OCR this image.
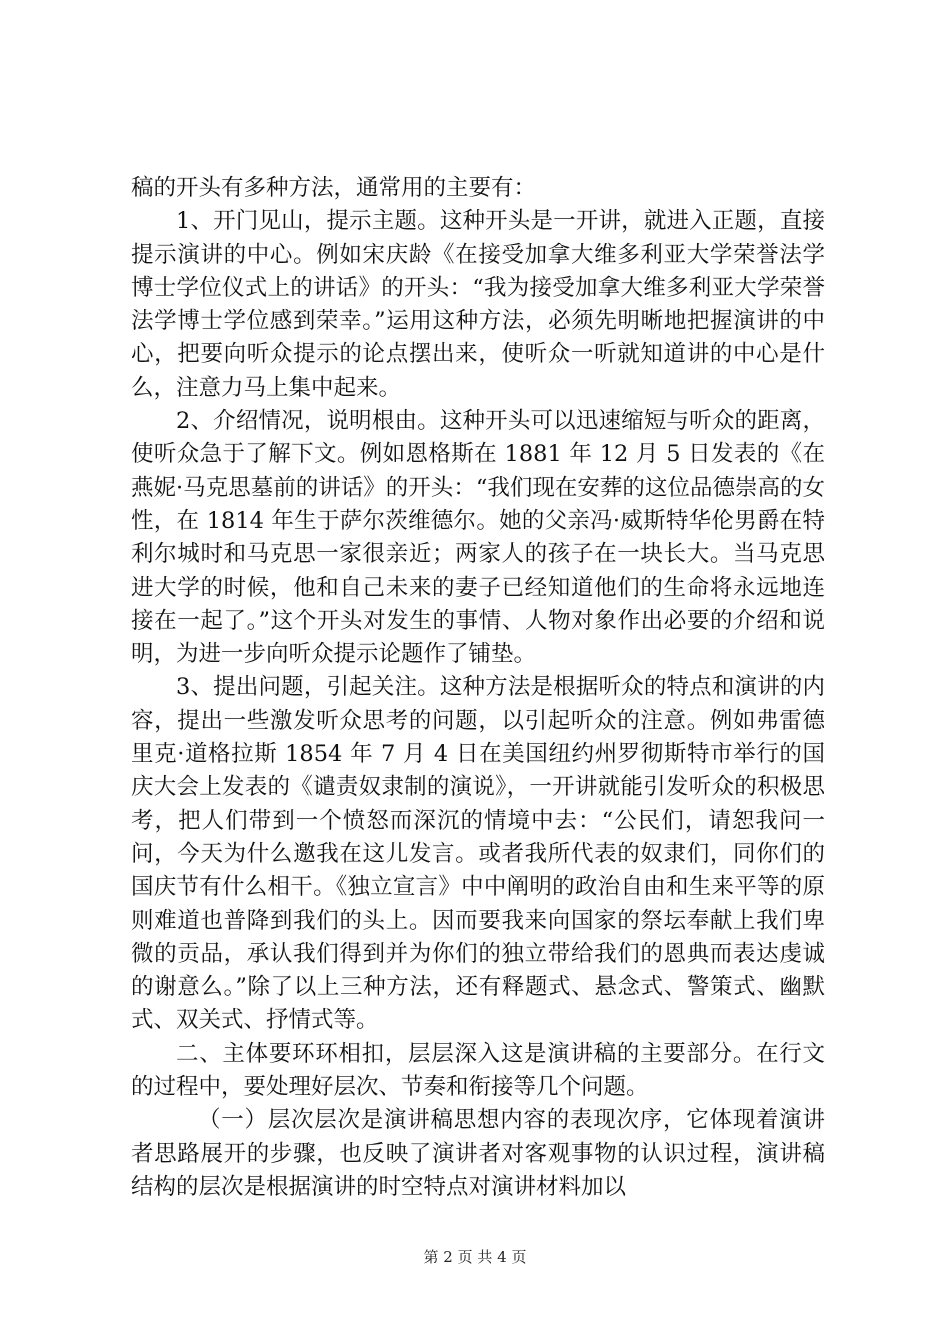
稿的开头有多种方法，通常用的主要有：

1、开门见山，提示主题。这种开头是一开讲，就进入正题，直接提示演讲的中心。例如宋庆龄《在接受加拿大维多利亚大学荣誉法学博士学位仪式上的讲话》的开头：“我为接受加拿大维多利亚大学荣誉法学博士学位感到荣幸。”运用这种方法，必须先明晰地把握演讲的中心，把要向听众提示的论点摆出来，使听众一听就知道讲的中心是什么，注意力马上集中起来。

2、介绍情况，说明根由。这种开头可以迅速缩短与听众的距离，使听众急于了解下文。例如恩格斯在 1881 年 12 月 5 日发表的《在燕妮·马克思墓前的讲话》的开头：“我们现在安葬的这位品德崇高的女性，在 1814 年生于萨尔茨维德尔。她的父亲冯·威斯特华伦男爵在特利尔城时和马克思一家很亲近；两家人的孩子在一块长大。当马克思进大学的时候，他和自己未来的妻子已经知道他们的生命将永远地连接在一起了。”这个开头对发生的事情、人物对象作出必要的介绍和说明，为进一步向听众提示论题作了铺垫。

3、提出问题，引起关注。这种方法是根据听众的特点和演讲的内容，提出一些激发听众思考的问题，以引起听众的注意。例如弗雷德里克·道格拉斯 1854 年 7 月 4 日在美国纽约州罗彻斯特市举行的国庆大会上发表的《谴责奴隶制的演说》，一开讲就能引发听众的积极思考，把人们带到一个愤怒而深沉的情境中去：“公民们，请恕我问一问，今天为什么邀我在这儿发言。或者我所代表的奴隶们，同你们的国庆节有什么相干。《独立宣言》中中阐明的政治自由和生来平等的原则难道也普降到我们的头上。因而要我来向国家的祭坛奉献上我们卑微的贡品，承认我们得到并为你们的独立带给我们的恩典而表达虔诚的谢意么。”除了以上三种方法，还有释题式、悬念式、警策式、幽默式、双关式、抒情式等。

二、主体要环环相扣，层层深入这是演讲稿的主要部分。在行文的过程中，要处理好层次、节奏和衔接等几个问题。

（一）层次层次是演讲稿思想内容的表现次序，它体现着演讲者思路展开的步骤，也反映了演讲者对客观事物的认识过程，演讲稿结构的层次是根据演讲的时空特点对演讲材料加以

第 2 页 共 4 页
